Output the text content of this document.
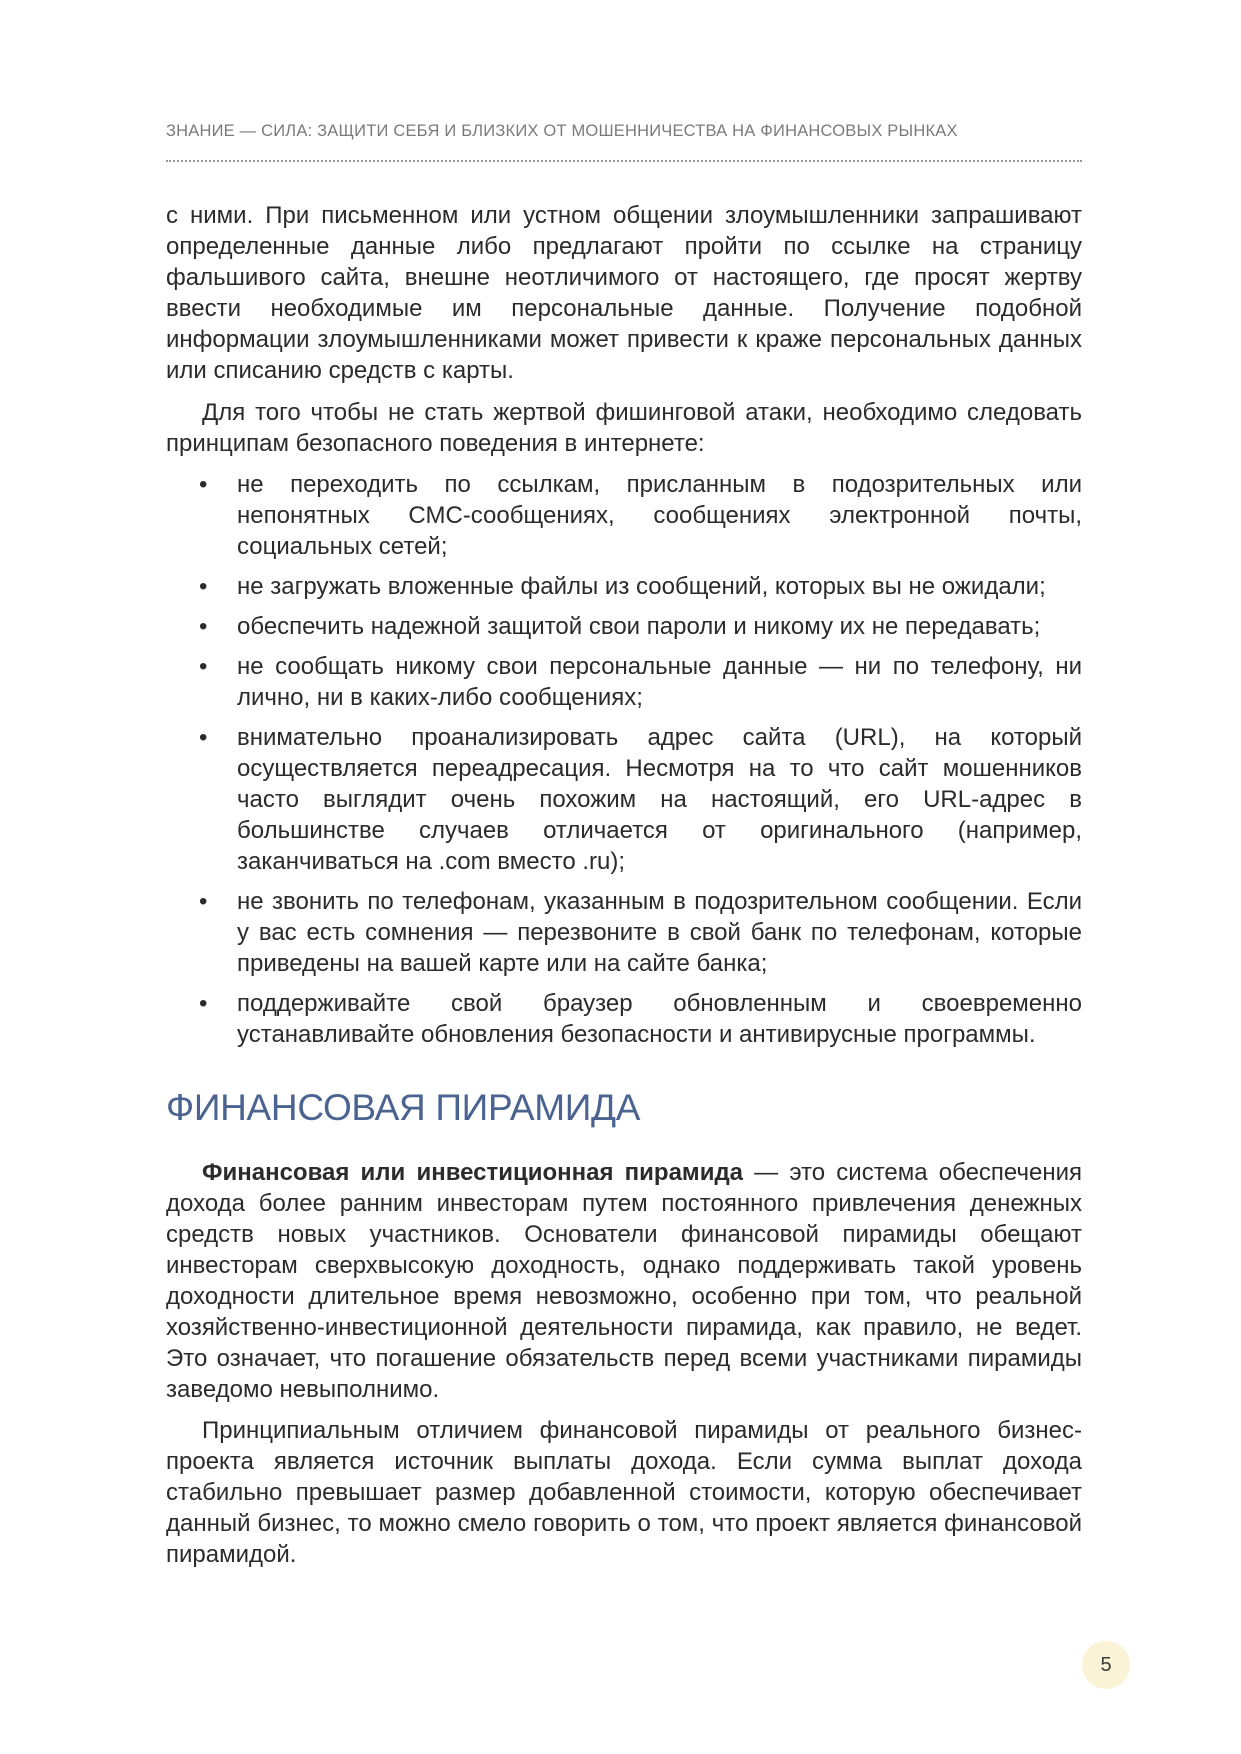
ЗНАНИЕ — СИЛА: ЗАЩИТИ СЕБЯ И БЛИЗКИХ ОТ МОШЕННИЧЕСТВА НА ФИНАНСОВЫХ РЫНКАХ

с ними. При письменном или устном общении злоумышленники запрашивают определенные данные либо предлагают пройти по ссылке на страницу фальшивого сайта, внешне неотличимого от настоящего, где просят жертву ввести необходимые им персональные данные. Получение подобной информации злоумышленниками может привести к краже персональных данных или списанию средств с карты.

Для того чтобы не стать жертвой фишинговой атаки, необходимо следовать принципам безопасного поведения в интернете:

• не переходить по ссылкам, присланным в подозрительных или непонятных СМС-сообщениях, сообщениях электронной почты, социальных сетей;
• не загружать вложенные файлы из сообщений, которых вы не ожидали;
• обеспечить надежной защитой свои пароли и никому их не передавать;
• не сообщать никому свои персональные данные — ни по телефону, ни лично, ни в каких-либо сообщениях;
• внимательно проанализировать адрес сайта (URL), на который осуществляется переадресация. Несмотря на то что сайт мошенников часто выглядит очень похожим на настоящий, его URL-адрес в большинстве случаев отличается от оригинального (например, заканчиваться на .com вместо .ru);
• не звонить по телефонам, указанным в подозрительном сообщении. Если у вас есть сомнения — перезвоните в свой банк по телефонам, которые приведены на вашей карте или на сайте банка;
• поддерживайте свой браузер обновленным и своевременно устанавливайте обновления безопасности и антивирусные программы.
ФИНАНСОВАЯ ПИРАМИДА

Финансовая или инвестиционная пирамида — это система обеспечения дохода более ранним инвесторам путем постоянного привлечения денежных средств новых участников. Основатели финансовой пирамиды обещают инвесторам сверхвысокую доходность, однако поддерживать такой уровень доходности длительное время невозможно, особенно при том, что реальной хозяйственно-инвестиционной деятельности пирамида, как правило, не ведет. Это означает, что погашение обязательств перед всеми участниками пирамиды заведомо невыполнимо.

Принципиальным отличием финансовой пирамиды от реального бизнес-проекта является источник выплаты дохода. Если сумма выплат дохода стабильно превышает размер добавленной стоимости, которую обеспечивает данный бизнес, то можно смело говорить о том, что проект является финансовой пирамидой.

5
